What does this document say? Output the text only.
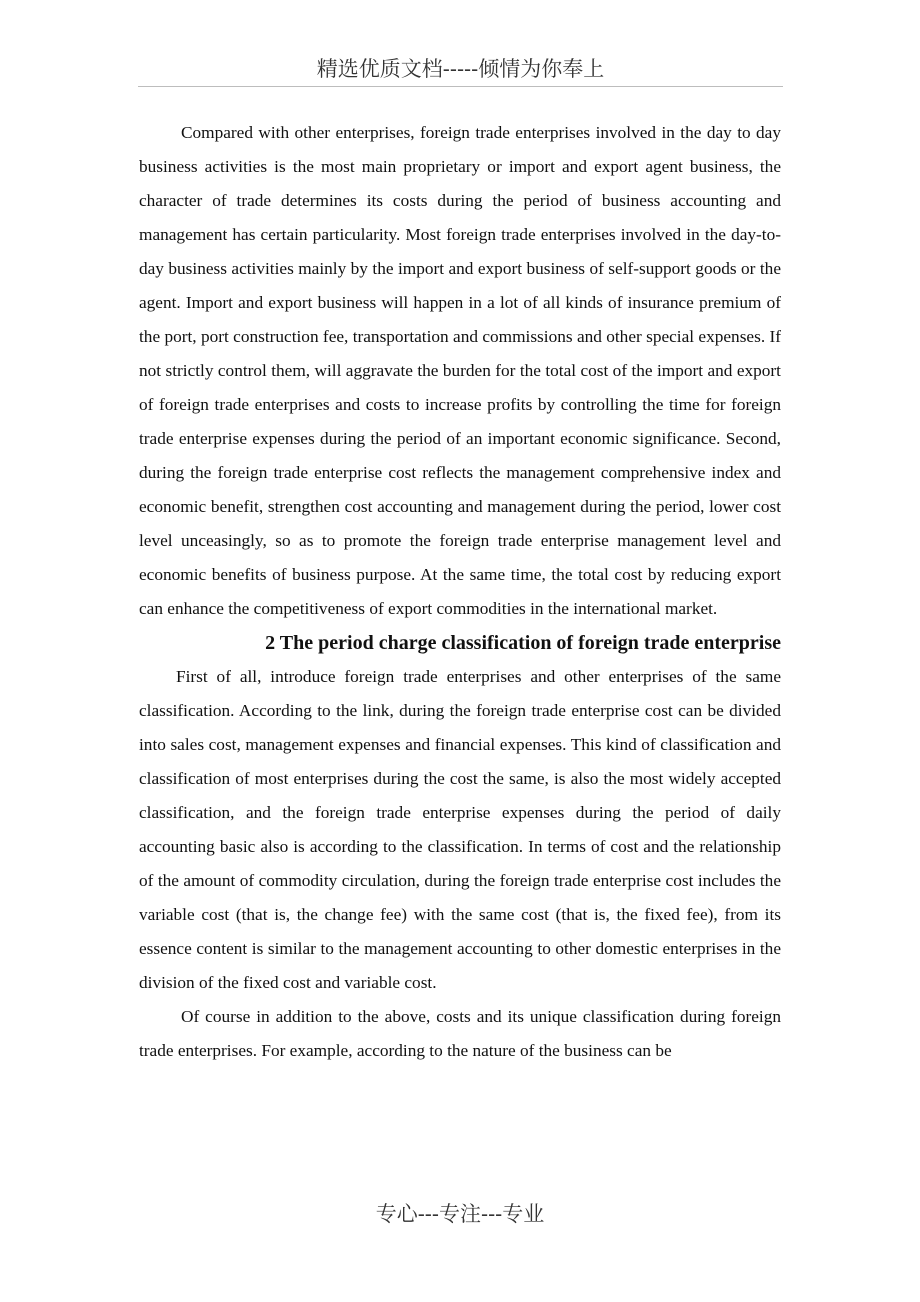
精选优质文档-----倾情为你奉上

Compared with other enterprises, foreign trade enterprises involved in the day to day business activities is the most main proprietary or import and export agent business, the character of trade determines its costs during the period of business accounting and management has certain particularity. Most foreign trade enterprises involved in the day-to-day business activities mainly by the import and export business of self-support goods or the agent. Import and export business will happen in a lot of all kinds of insurance premium of the port, port construction fee, transportation and commissions and other special expenses. If not strictly control them, will aggravate the burden for the total cost of the import and export of foreign trade enterprises and costs to increase profits by controlling the time for foreign trade enterprise expenses during the period of an important economic significance. Second, during the foreign trade enterprise cost reflects the management comprehensive index and economic benefit, strengthen cost accounting and management during the period, lower cost level unceasingly, so as to promote the foreign trade enterprise management level and economic benefits of business purpose. At the same time, the total cost by reducing export can enhance the competitiveness of export commodities in the international market.

2 The period charge classification of foreign trade enterprise

First of all, introduce foreign trade enterprises and other enterprises of the same classification. According to the link, during the foreign trade enterprise cost can be divided into sales cost, management expenses and financial expenses. This kind of classification and classification of most enterprises during the cost the same, is also the most widely accepted classification, and the foreign trade enterprise expenses during the period of daily accounting basic also is according to the classification. In terms of cost and the relationship of the amount of commodity circulation, during the foreign trade enterprise cost includes the variable cost (that is, the change fee) with the same cost (that is, the fixed fee), from its essence content is similar to the management accounting to other domestic enterprises in the division of the fixed cost and variable cost.

Of course in addition to the above, costs and its unique classification during foreign trade enterprises. For example, according to the nature of the business can be

专心---专注---专业
